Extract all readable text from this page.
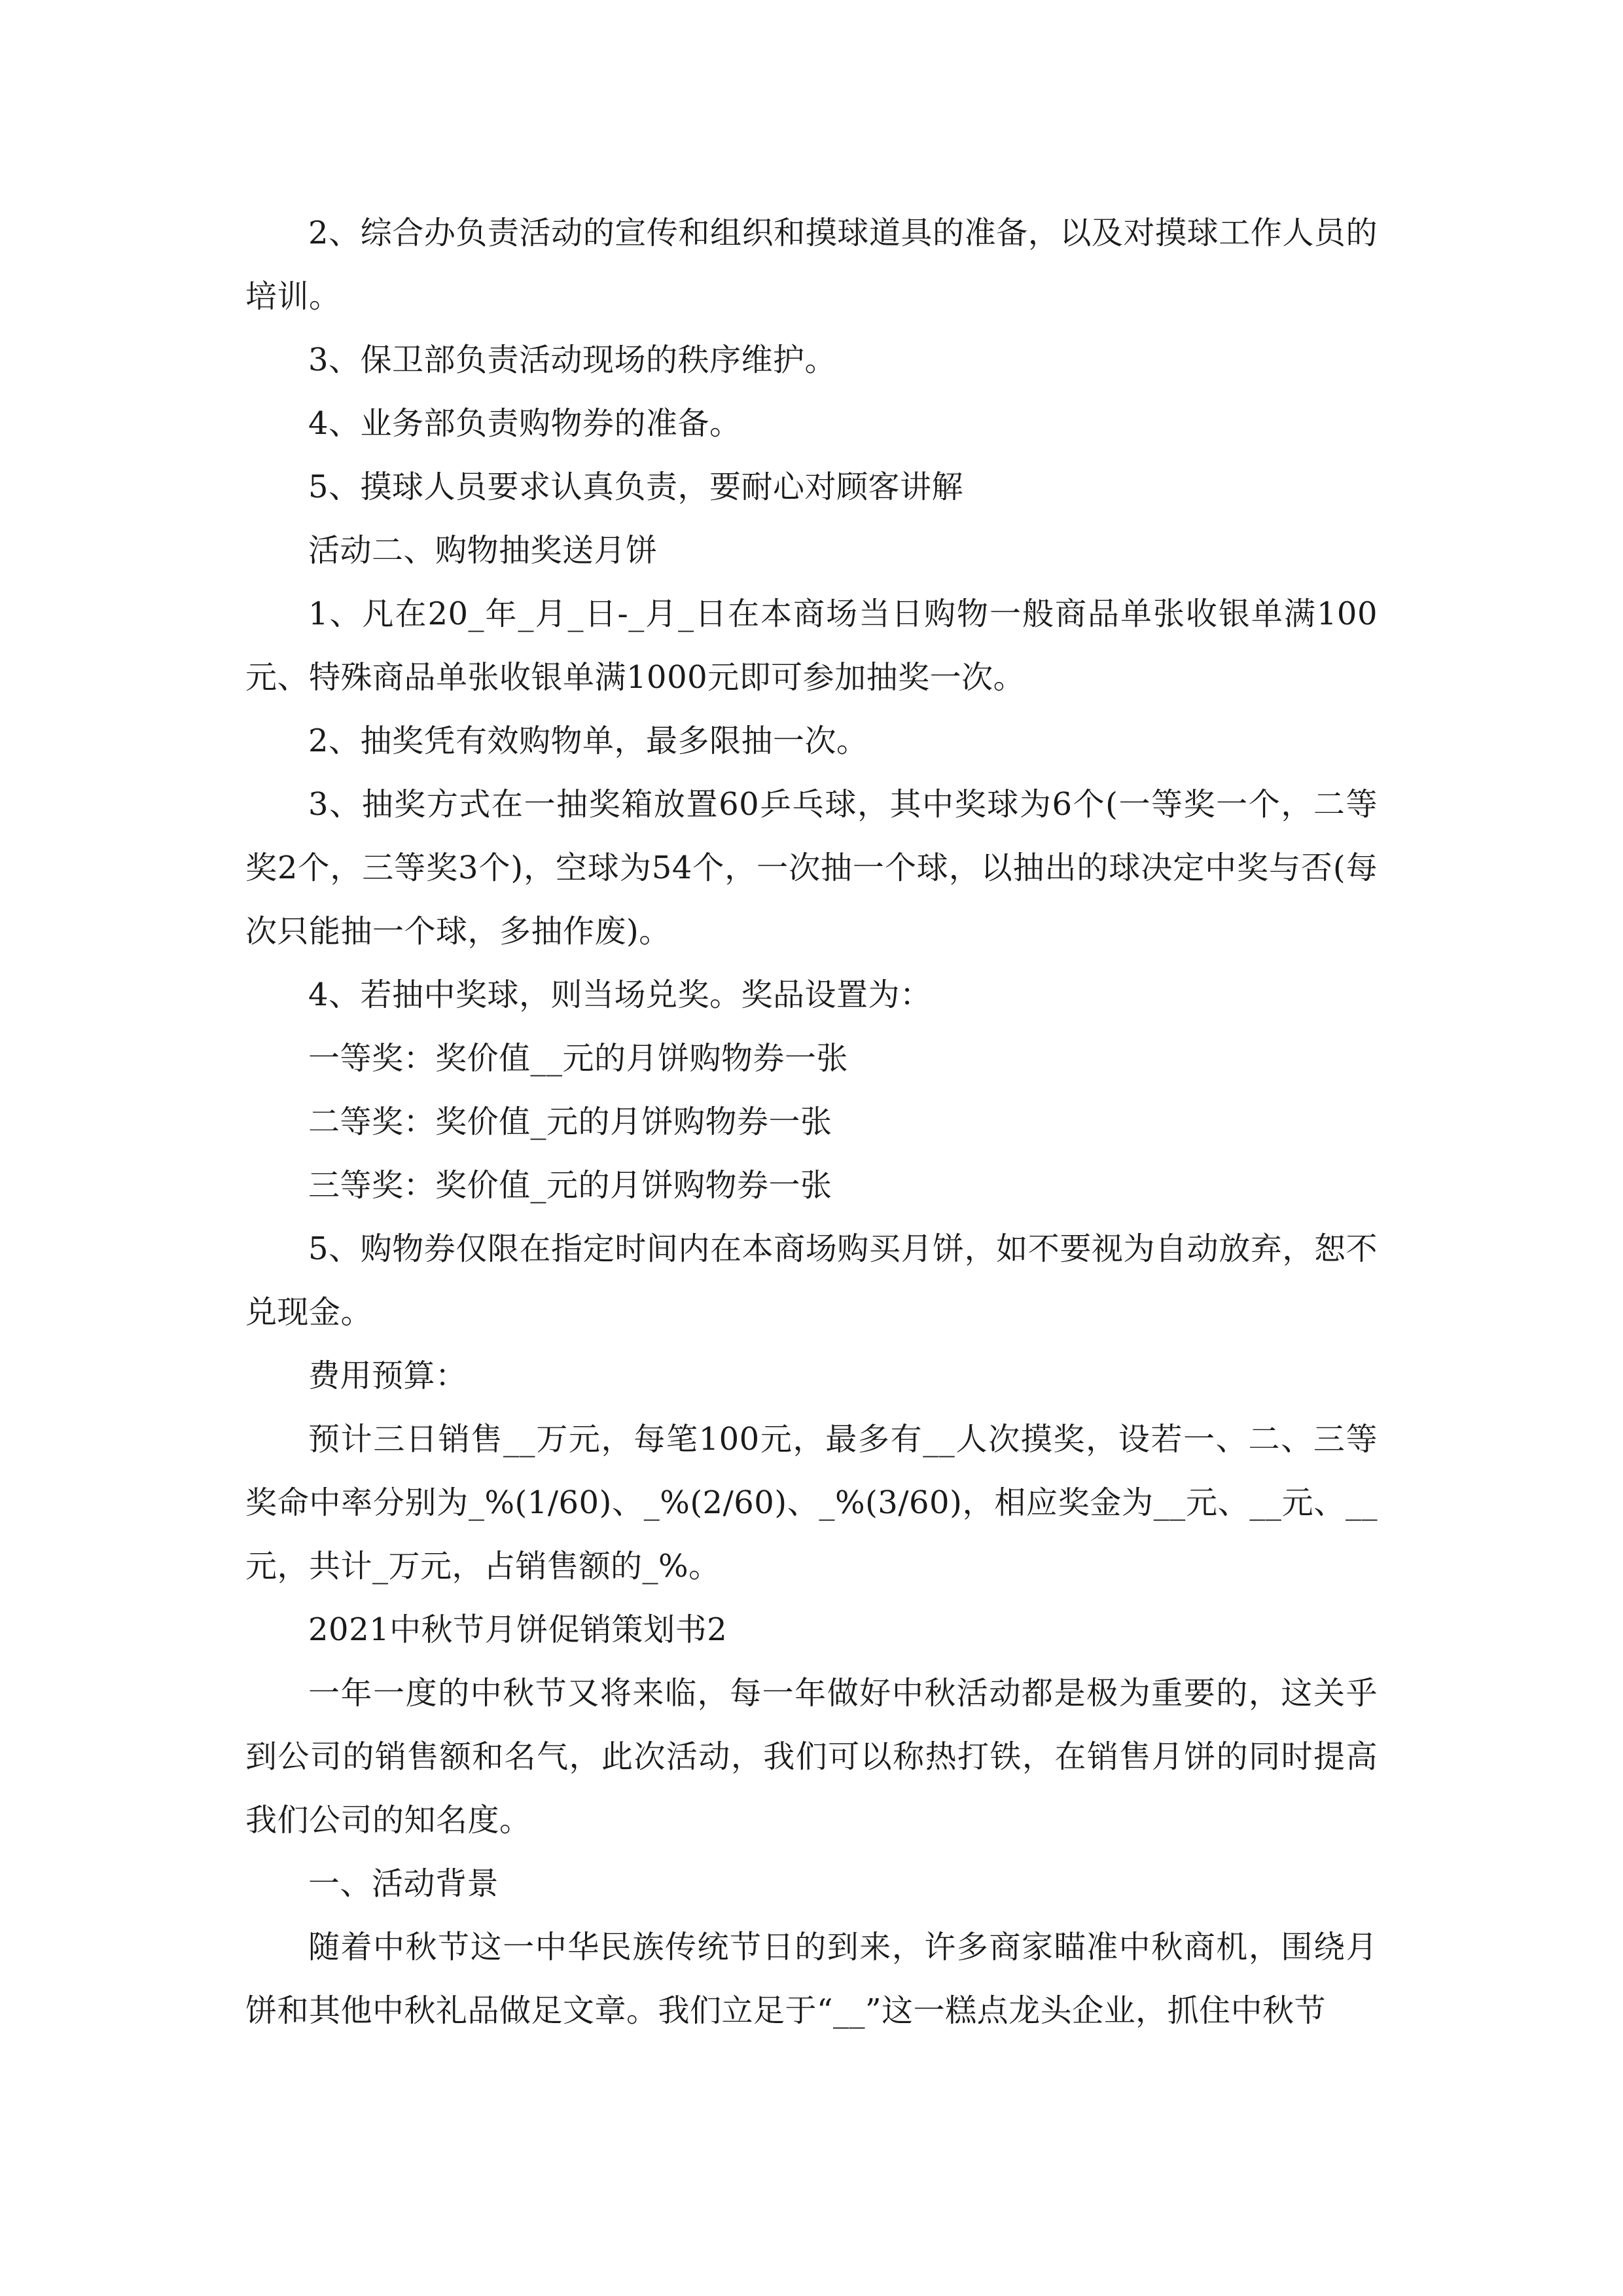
2、综合办负责活动的宣传和组织和摸球道具的准备，以及对摸球工作人员的培训。

3、保卫部负责活动现场的秩序维护。

4、业务部负责购物券的准备。

5、摸球人员要求认真负责，要耐心对顾客讲解

活动二、购物抽奖送月饼

1、凡在20_年_月_日-_月_日在本商场当日购物一般商品单张收银单满100元、特殊商品单张收银单满1000元即可参加抽奖一次。

2、抽奖凭有效购物单，最多限抽一次。

3、抽奖方式在一抽奖箱放置60乒乓球，其中奖球为6个(一等奖一个，二等奖2个，三等奖3个)，空球为54个，一次抽一个球，以抽出的球决定中奖与否(每次只能抽一个球，多抽作废)。

4、若抽中奖球，则当场兑奖。奖品设置为：

一等奖：奖价值__元的月饼购物券一张

二等奖：奖价值_元的月饼购物券一张

三等奖：奖价值_元的月饼购物券一张

5、购物券仅限在指定时间内在本商场购买月饼，如不要视为自动放弃，恕不兑现金。

费用预算：

预计三日销售__万元，每笔100元，最多有__人次摸奖，设若一、二、三等奖命中率分别为_%(1/60)、_%(2/60)、_%(3/60)，相应奖金为__元、__元、__元，共计_万元，占销售额的_%。

2021中秋节月饼促销策划书2

一年一度的中秋节又将来临，每一年做好中秋活动都是极为重要的，这关乎到公司的销售额和名气，此次活动，我们可以称热打铁，在销售月饼的同时提高我们公司的知名度。

一、活动背景

随着中秋节这一中华民族传统节日的到来，许多商家瞄准中秋商机，围绕月饼和其他中秋礼品做足文章。我们立足于“__”这一糕点龙头企业，抓住中秋节
